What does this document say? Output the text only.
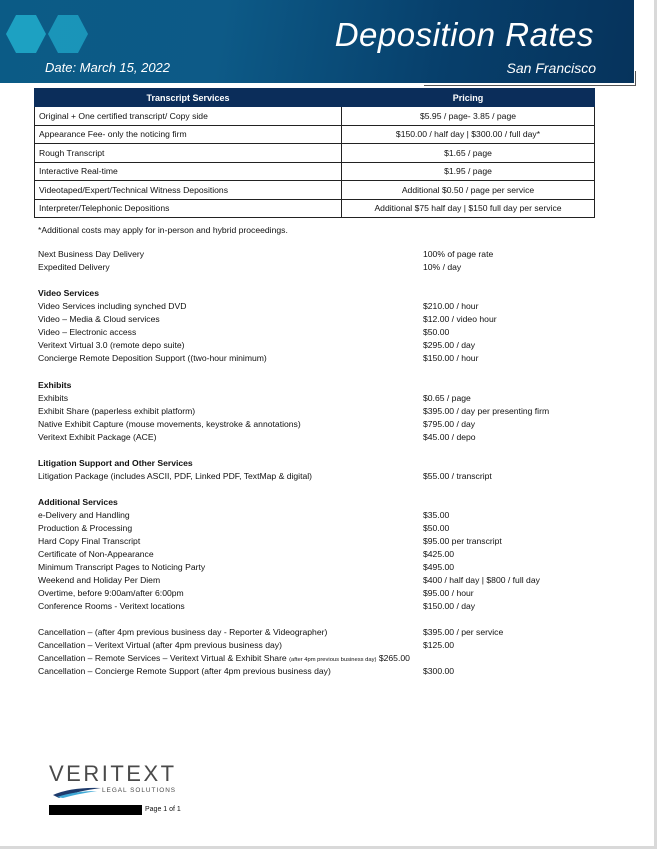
Deposition Rates
Date: March 15, 2022	San Francisco
Transcript Services	Pricing
Original + One certified transcript/ Copy side	$5.95 / page- 3.85 / page
Appearance Fee- only the noticing firm	$150.00 / half day | $300.00 / full day*
Rough Transcript	$1.65 / page
Interactive Real-time	$1.95 / page
Videotaped/Expert/Technical Witness Depositions	Additional $0.50 / page per service
Interpreter/Telephonic Depositions	Additional $75 half day | $150 full day per service
*Additional costs may apply for in-person and hybrid proceedings.
Next Business Day Delivery	100% of page rate
Expedited Delivery	10% / day
Video Services
Video Services including synched DVD	$210.00 / hour
Video – Media & Cloud services	$12.00 / video hour
Video – Electronic access	$50.00
Veritext Virtual 3.0 (remote depo suite)	$295.00 / day
Concierge Remote Deposition Support ((two-hour minimum)	$150.00 / hour
Exhibits
Exhibits	$0.65 / page
Exhibit Share (paperless exhibit platform)	$395.00 / day per presenting firm
Native Exhibit Capture (mouse movements, keystroke & annotations)	$795.00 / day
Veritext Exhibit Package (ACE)	$45.00 / depo
Litigation Support and Other Services
Litigation Package (includes ASCII, PDF, Linked PDF, TextMap & digital)	$55.00 / transcript
Additional Services
e-Delivery and Handling	$35.00
Production & Processing	$50.00
Hard Copy Final Transcript	$95.00 per transcript
Certificate of Non-Appearance	$425.00
Minimum Transcript Pages to Noticing Party	$495.00
Weekend and Holiday Per Diem	$400 / half day | $800 / full day
Overtime, before 9:00am/after 6:00pm	$95.00 / hour
Conference Rooms - Veritext locations	$150.00 / day
Cancellation – (after 4pm previous business day - Reporter & Videographer)	$395.00 / per service
Cancellation – Veritext Virtual (after 4pm previous business day)	$125.00
Cancellation – Remote Services – Veritext Virtual & Exhibit Share (after 4pm previous business day) $265.00
Cancellation – Concierge Remote Support (after 4pm previous business day)	$300.00
VERITEXT
LEGAL SOLUTIONS
Page 1 of 1
